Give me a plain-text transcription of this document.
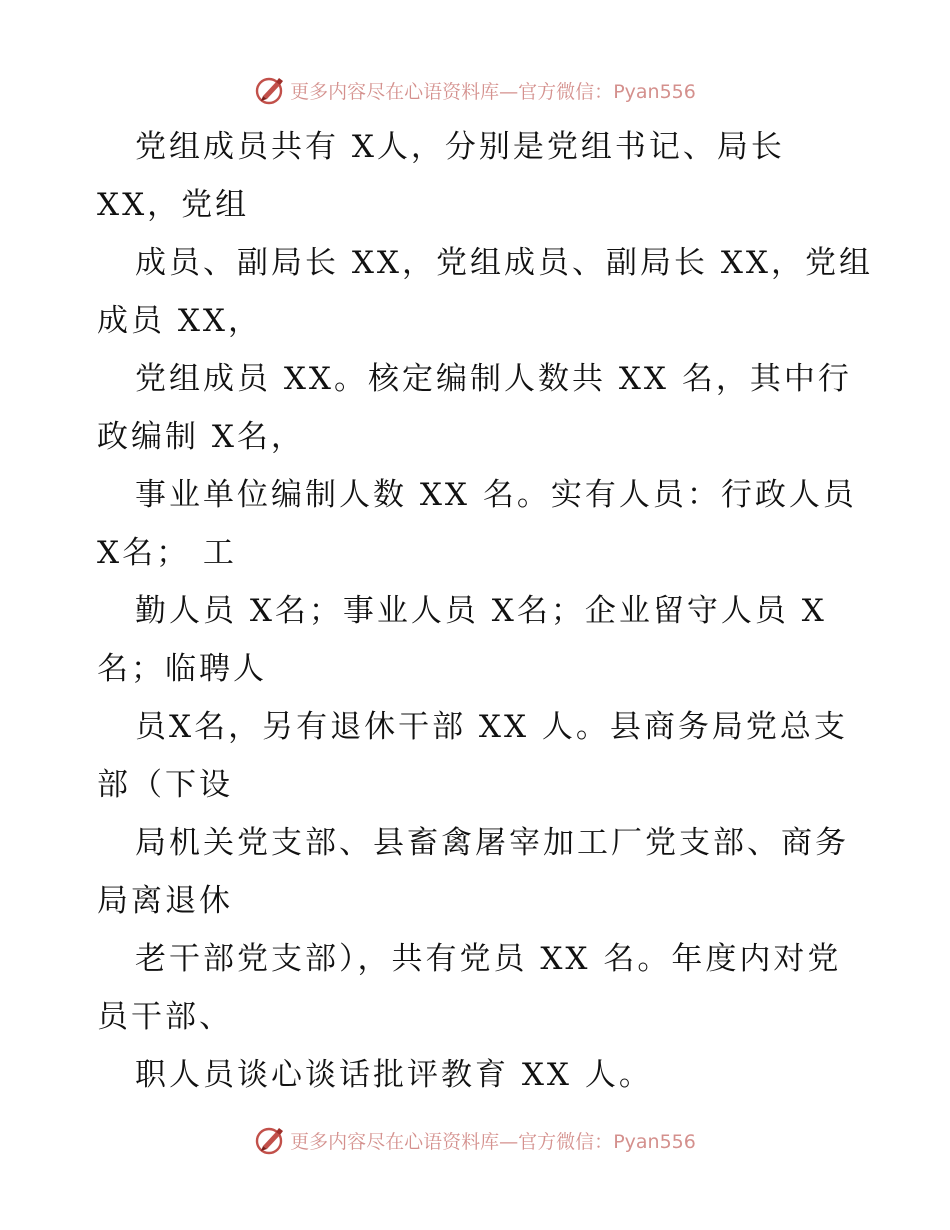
更多内容尽在心语资料库—官方微信：Pyan556
党组成员共有 X人，分别是党组书记、局长
XX，党组
成员、副局长 XX，党组成员、副局长 XX，党组
成员 XX，
党组成员 XX。核定编制人数共 XX 名，其中行
政编制 X名，
事业单位编制人数 XX 名。实有人员：行政人员
X名； 工
勤人员 X名；事业人员 X名；企业留守人员 X
名；临聘人
员X名，另有退休干部 XX 人。县商务局党总支
部（下设
局机关党支部、县畜禽屠宰加工厂党支部、商务
局离退休
老干部党支部），共有党员 XX 名。年度内对党
员干部、
职人员谈心谈话批评教育 XX 人。
更多内容尽在心语资料库—官方微信：Pyan556
